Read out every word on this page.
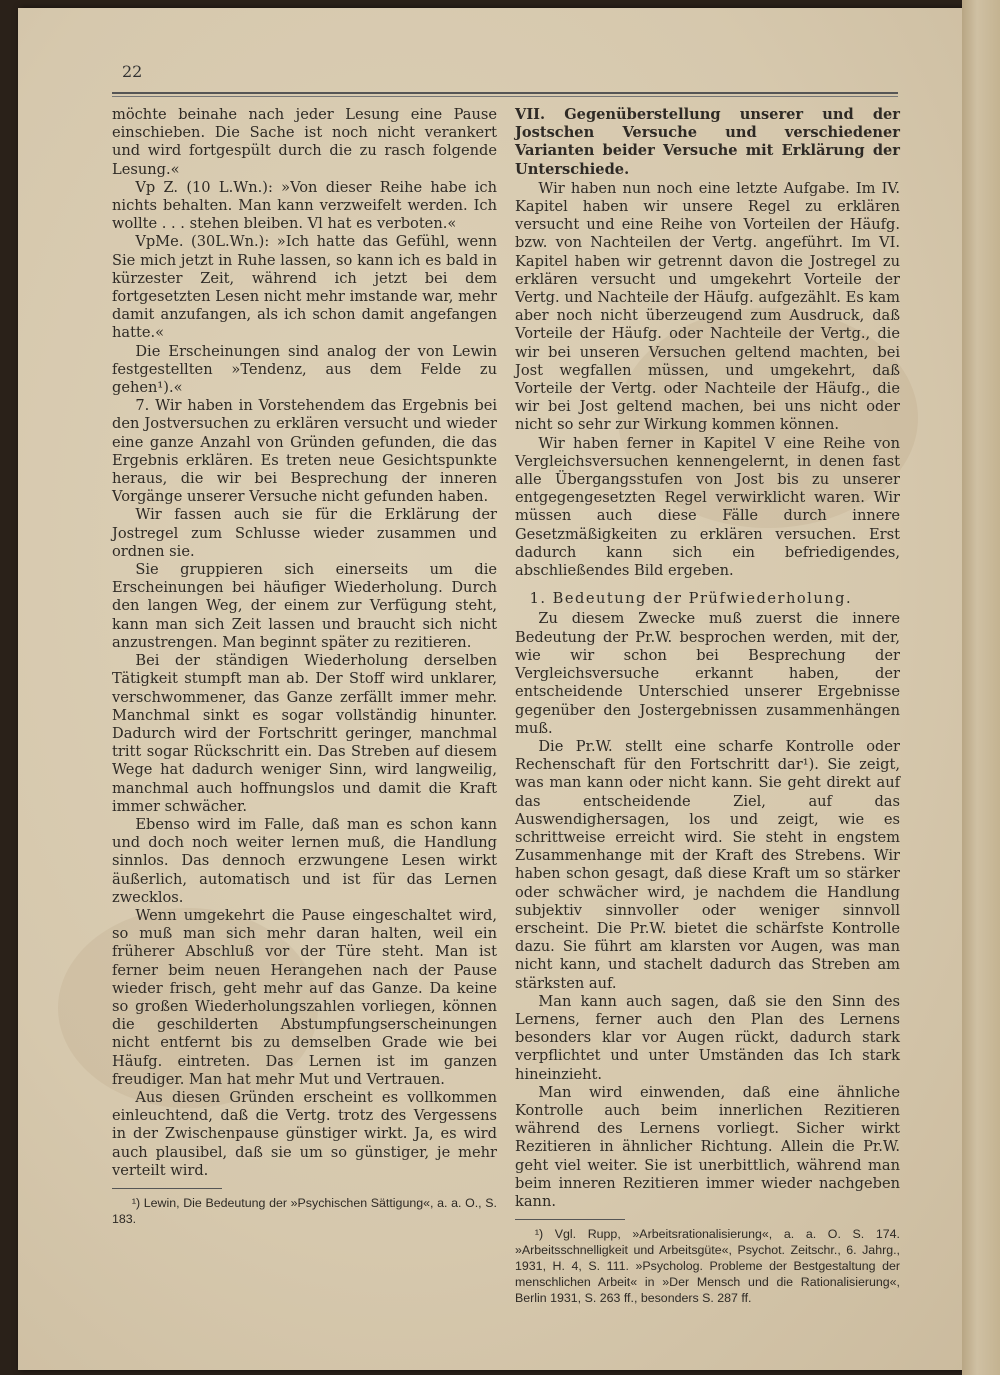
22

möchte beinahe nach jeder Lesung eine Pause einschieben. Die Sache ist noch nicht verankert und wird fortgespült durch die zu rasch folgende Lesung.«

Vp Z. (10 L.Wn.): »Von dieser Reihe habe ich nichts behalten. Man kann verzweifelt werden. Ich wollte . . . stehen bleiben. Vl hat es verboten.«

VpMe. (30L.Wn.): »Ich hatte das Gefühl, wenn Sie mich jetzt in Ruhe lassen, so kann ich es bald in kürzester Zeit, während ich jetzt bei dem fortgesetzten Lesen nicht mehr imstande war, mehr damit anzufangen, als ich schon damit angefangen hatte.«

Die Erscheinungen sind analog der von Lewin festgestellten »Tendenz, aus dem Felde zu gehen¹).«

7. Wir haben in Vorstehendem das Ergebnis bei den Jostversuchen zu erklären versucht und wieder eine ganze Anzahl von Gründen gefunden, die das Ergebnis erklären. Es treten neue Gesichtspunkte heraus, die wir bei Besprechung der inneren Vorgänge unserer Versuche nicht gefunden haben.

Wir fassen auch sie für die Erklärung der Jostregel zum Schlusse wieder zusammen und ordnen sie.

Sie gruppieren sich einerseits um die Erscheinungen bei häufiger Wiederholung. Durch den langen Weg, der einem zur Verfügung steht, kann man sich Zeit lassen und braucht sich nicht anzustrengen. Man beginnt später zu rezitieren.

Bei der ständigen Wiederholung derselben Tätigkeit stumpft man ab. Der Stoff wird unklarer, verschwommener, das Ganze zerfällt immer mehr. Manchmal sinkt es sogar vollständig hinunter. Dadurch wird der Fortschritt geringer, manchmal tritt sogar Rückschritt ein. Das Streben auf diesem Wege hat dadurch weniger Sinn, wird langweilig, manchmal auch hoffnungslos und damit die Kraft immer schwächer.

Ebenso wird im Falle, daß man es schon kann und doch noch weiter lernen muß, die Handlung sinnlos. Das dennoch erzwungene Lesen wirkt äußerlich, automatisch und ist für das Lernen zwecklos.

Wenn umgekehrt die Pause eingeschaltet wird, so muß man sich mehr daran halten, weil ein früherer Abschluß vor der Türe steht. Man ist ferner beim neuen Herangehen nach der Pause wieder frisch, geht mehr auf das Ganze. Da keine so großen Wiederholungszahlen vorliegen, können die geschilderten Abstumpfungserscheinungen nicht entfernt bis zu demselben Grade wie bei Häufg. eintreten. Das Lernen ist im ganzen freudiger. Man hat mehr Mut und Vertrauen.

Aus diesen Gründen erscheint es vollkommen einleuchtend, daß die Vertg. trotz des Vergessens in der Zwischenpause günstiger wirkt. Ja, es wird auch plausibel, daß sie um so günstiger, je mehr verteilt wird.

¹) Lewin, Die Bedeutung der »Psychischen Sättigung«, a. a. O., S. 183.

VII. Gegenüberstellung unserer und der Jostschen Versuche und verschiedener Varianten beider Versuche mit Erklärung der Unterschiede.

Wir haben nun noch eine letzte Aufgabe. Im IV. Kapitel haben wir unsere Regel zu erklären versucht und eine Reihe von Vorteilen der Häufg. bzw. von Nachteilen der Vertg. angeführt. Im VI. Kapitel haben wir getrennt davon die Jostregel zu erklären versucht und umgekehrt Vorteile der Vertg. und Nachteile der Häufg. aufgezählt. Es kam aber noch nicht überzeugend zum Ausdruck, daß Vorteile der Häufg. oder Nachteile der Vertg., die wir bei unseren Versuchen geltend machten, bei Jost wegfallen müssen, und umgekehrt, daß Vorteile der Vertg. oder Nachteile der Häufg., die wir bei Jost geltend machen, bei uns nicht oder nicht so sehr zur Wirkung kommen können.

Wir haben ferner in Kapitel V eine Reihe von Vergleichsversuchen kennengelernt, in denen fast alle Übergangsstufen von Jost bis zu unserer entgegengesetzten Regel verwirklicht waren. Wir müssen auch diese Fälle durch innere Gesetzmäßigkeiten zu erklären versuchen. Erst dadurch kann sich ein befriedigendes, abschließendes Bild ergeben.

1. Bedeutung der Prüfwiederholung.

Zu diesem Zwecke muß zuerst die innere Bedeutung der Pr.W. besprochen werden, mit der, wie wir schon bei Besprechung der Vergleichsversuche erkannt haben, der entscheidende Unterschied unserer Ergebnisse gegenüber den Jostergebnissen zusammenhängen muß.

Die Pr.W. stellt eine scharfe Kontrolle oder Rechenschaft für den Fortschritt dar¹). Sie zeigt, was man kann oder nicht kann. Sie geht direkt auf das entscheidende Ziel, auf das Auswendighersagen, los und zeigt, wie es schrittweise erreicht wird. Sie steht in engstem Zusammenhange mit der Kraft des Strebens. Wir haben schon gesagt, daß diese Kraft um so stärker oder schwächer wird, je nachdem die Handlung subjektiv sinnvoller oder weniger sinnvoll erscheint. Die Pr.W. bietet die schärfste Kontrolle dazu. Sie führt am klarsten vor Augen, was man nicht kann, und stachelt dadurch das Streben am stärksten auf.

Man kann auch sagen, daß sie den Sinn des Lernens, ferner auch den Plan des Lernens besonders klar vor Augen rückt, dadurch stark verpflichtet und unter Umständen das Ich stark hineinzieht.

Man wird einwenden, daß eine ähnliche Kontrolle auch beim innerlichen Rezitieren während des Lernens vorliegt. Sicher wirkt Rezitieren in ähnlicher Richtung. Allein die Pr.W. geht viel weiter. Sie ist unerbittlich, während man beim inneren Rezitieren immer wieder nachgeben kann.

¹) Vgl. Rupp, »Arbeitsrationalisierung«, a. a. O. S. 174. »Arbeitsschnelligkeit und Arbeitsgüte«, Psychot. Zeitschr., 6. Jahrg., 1931, H. 4, S. 111. »Psycholog. Probleme der Bestgestaltung der menschlichen Arbeit« in »Der Mensch und die Rationalisierung«, Berlin 1931, S. 263 ff., besonders S. 287 ff.
